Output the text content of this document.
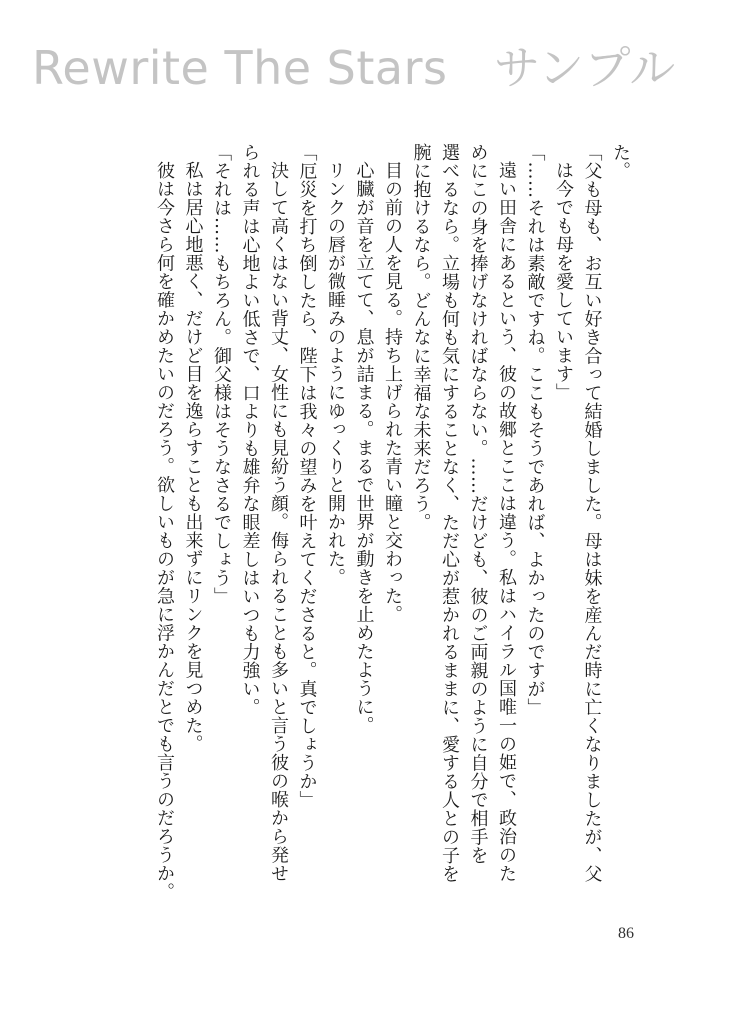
Rewrite The Stars　サンプル
た。
「父も母も、お互い好き合って結婚しました。母は妹を産んだ時に亡くなりましたが、父
は今でも母を愛しています」
「……それは素敵ですね。ここもそうであれば、よかったのですが」
遠い田舎にあるという、彼の故郷とここは違う。私はハイラル国唯一の姫で、政治のた
めにこの身を捧げなければならない。……だけども、彼のご両親のように自分で相手を
選べるなら。立場も何も気にすることなく、ただ心が惹かれるままに、愛する人との子を
腕に抱けるなら。どんなに幸福な未来だろう。
目の前の人を見る。持ち上げられた青い瞳と交わった。
心臓が音を立てて、息が詰まる。まるで世界が動きを止めたように。
リンクの唇が微睡みのようにゆっくりと開かれた。
「厄災を打ち倒したら、陛下は我々の望みを叶えてくださると。真でしょうか」
決して高くはない背丈、女性にも見紛う顔。侮られることも多いと言う彼の喉から発せ
られる声は心地よい低さで、口よりも雄弁な眼差しはいつも力強い。
「それは……もちろん。御父様はそうなさるでしょう」
私は居心地悪く、だけど目を逸らすことも出来ずにリンクを見つめた。
彼は今さら何を確かめたいのだろう。欲しいものが急に浮かんだとでも言うのだろうか。
86
